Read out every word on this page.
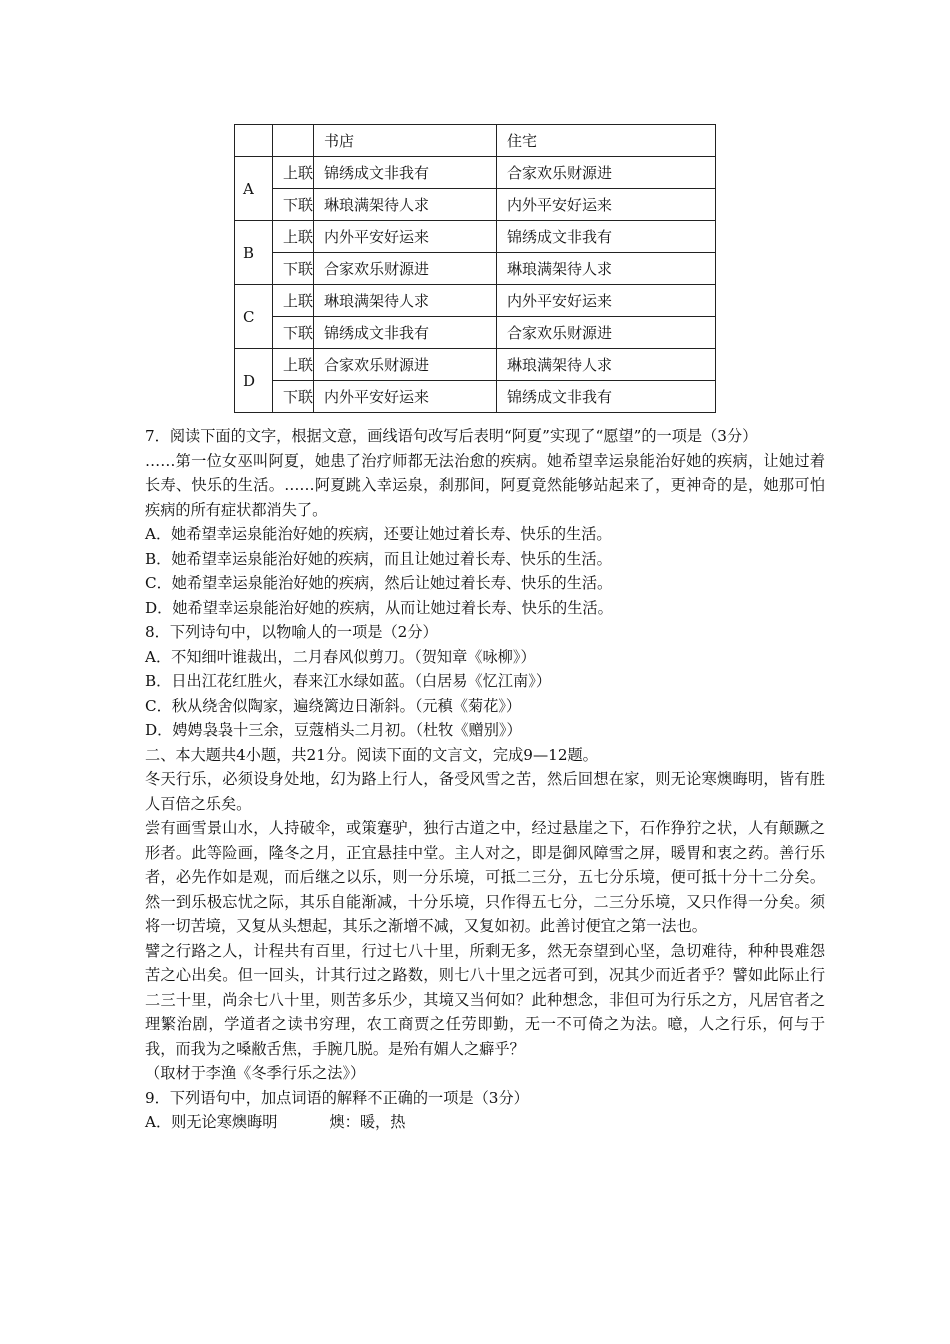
		书店	住宅
A	上联	锦绣成文非我有	合家欢乐财源进
	下联	琳琅满架待人求	内外平安好运来
B	上联	内外平安好运来	锦绣成文非我有
	下联	合家欢乐财源进	琳琅满架待人求
C	上联	琳琅满架待人求	内外平安好运来
	下联	锦绣成文非我有	合家欢乐财源进
D	上联	合家欢乐财源进	琳琅满架待人求
	下联	内外平安好运来	锦绣成文非我有

7．阅读下面的文字，根据文意，画线语句改写后表明“阿夏”实现了“愿望”的一项是（3分）

……第一位女巫叫阿夏，她患了治疗师都无法治愈的疾病。她希望幸运泉能治好她的疾病，让她过着长寿、快乐的生活。……阿夏跳入幸运泉，刹那间，阿夏竟然能够站起来了，更神奇的是，她那可怕疾病的所有症状都消失了。

A．她希望幸运泉能治好她的疾病，还要让她过着长寿、快乐的生活。

B．她希望幸运泉能治好她的疾病，而且让她过着长寿、快乐的生活。

C．她希望幸运泉能治好她的疾病，然后让她过着长寿、快乐的生活。

D．她希望幸运泉能治好她的疾病，从而让她过着长寿、快乐的生活。

8．下列诗句中，以物喻人的一项是（2分）

A．不知细叶谁裁出，二月春风似剪刀。（贺知章《咏柳》）

B．日出江花红胜火，春来江水绿如蓝。（白居易《忆江南》）

C．秋从绕舍似陶家，遍绕篱边日渐斜。（元稹《菊花》）

D．娉娉袅袅十三余，豆蔻梢头二月初。（杜牧《赠别》）

二、本大题共4小题，共21分。阅读下面的文言文，完成9—12题。

冬天行乐，必须设身处地，幻为路上行人，备受风雪之苦，然后回想在家，则无论寒燠晦明，皆有胜人百倍之乐矣。

尝有画雪景山水，人持破伞，或策蹇驴，独行古道之中，经过悬崖之下，石作狰狞之状，人有颠蹶之形者。此等险画，隆冬之月，正宜悬挂中堂。主人对之，即是御风障雪之屏，暖胃和衷之药。善行乐者，必先作如是观，而后继之以乐，则一分乐境，可抵二三分，五七分乐境，便可抵十分十二分矣。然一到乐极忘忧之际，其乐自能渐减，十分乐境，只作得五七分，二三分乐境，又只作得一分矣。须将一切苦境，又复从头想起，其乐之渐增不减，又复如初。此善讨便宜之第一法也。

譬之行路之人，计程共有百里，行过七八十里，所剩无多，然无奈望到心坚，急切难待，种种畏难怨苦之心出矣。但一回头，计其行过之路数，则七八十里之远者可到，况其少而近者乎？譬如此际止行二三十里，尚余七八十里，则苦多乐少，其境又当何如？此种想念，非但可为行乐之方，凡居官者之理繁治剧，学道者之读书穷理，农工商贾之任劳即勤，无一不可倚之为法。噫，人之行乐，何与于我，而我为之嗓敝舌焦，手腕几脱。是殆有媚人之癖乎？

（取材于李渔《冬季行乐之法》）

9．下列语句中，加点词语的解释不正确的一项是（3分）

A．则无论寒燠晦明	燠：暖，热
